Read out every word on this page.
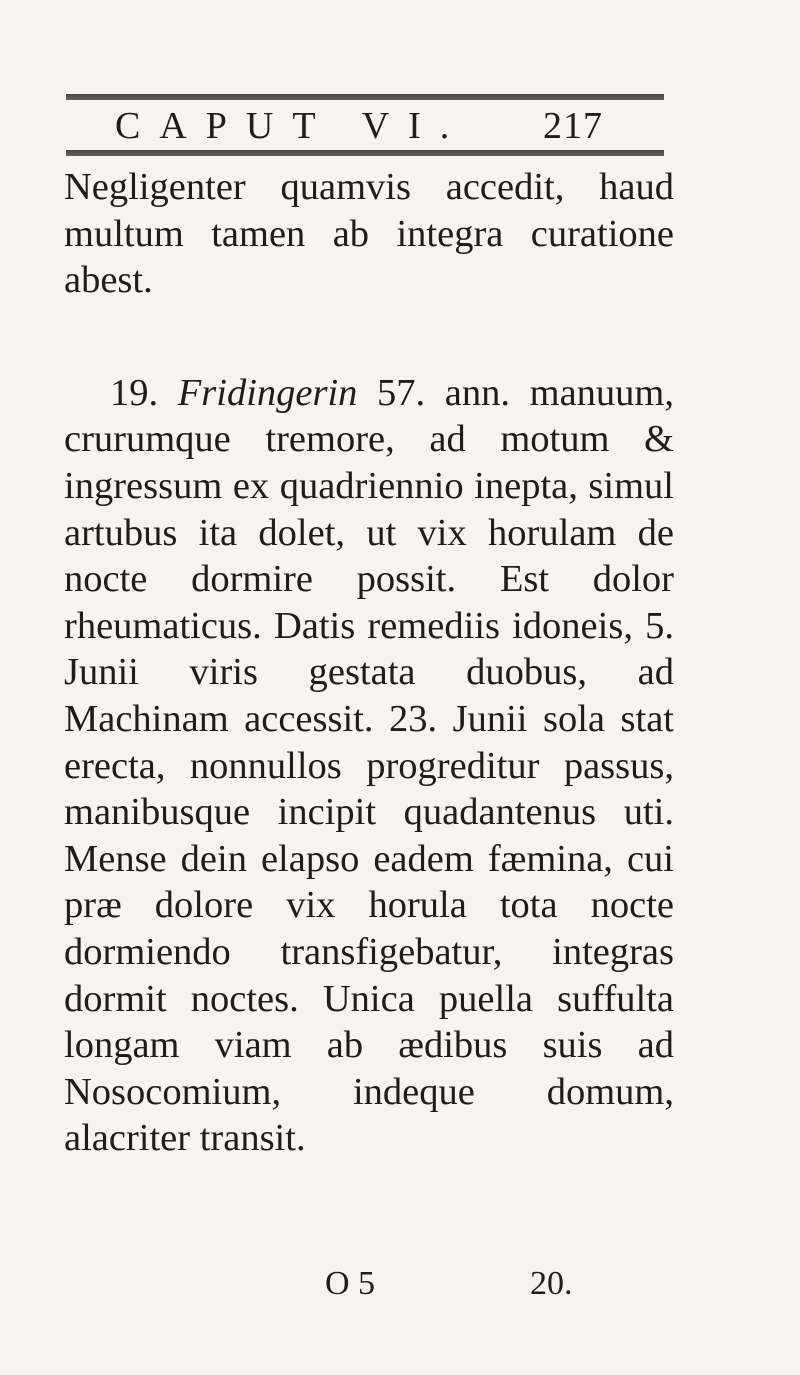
CAPUT VI. 217

Negligenter quamvis accedit, haud multum tamen ab integra curatione abest.

19. Fridingerin 57. ann. manuum, crurumque tremore, ad motum & ingressum ex quadriennio inepta, simul artubus ita dolet, ut vix horulam de nocte dormire possit. Est dolor rheumaticus. Datis remediis idoneis, 5. Junii viris gestata duobus, ad Machinam accessit. 23. Junii sola stat erecta, nonnullos progreditur passus, manibusque incipit quadantenus uti. Mense dein elapso eadem fæmina, cui præ dolore vix horula tota nocte dormiendo transfigebatur, integras dormit noctes. Unica puella suffulta longam viam ab ædibus suis ad Nosocomium, indeque domum, alacriter transit.

O 5	20.
